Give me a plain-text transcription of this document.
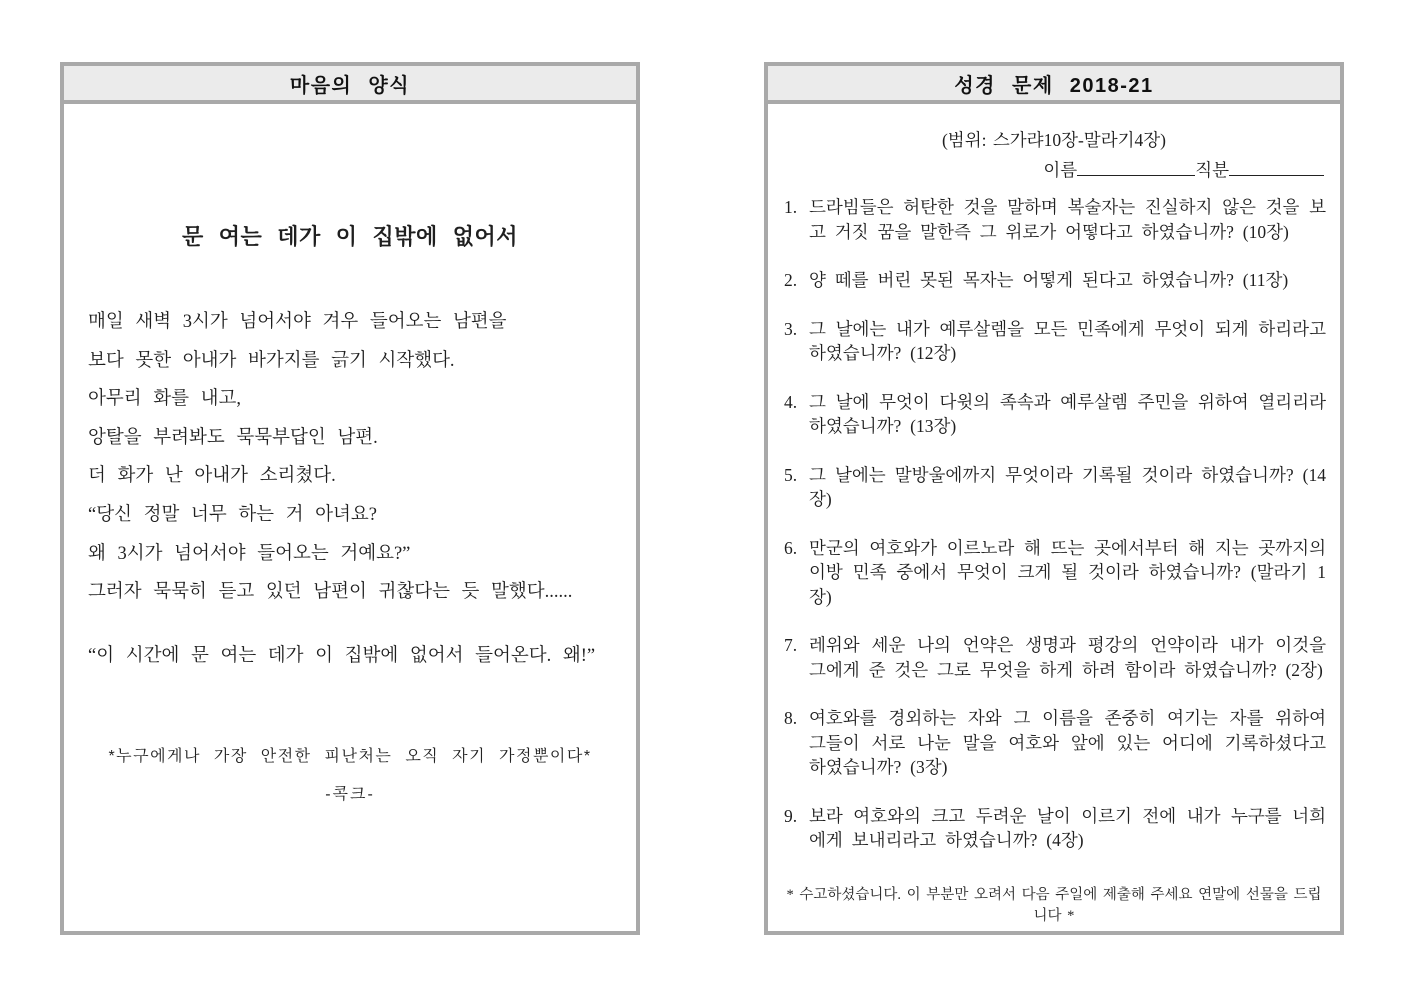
마음의 양식
문 여는 데가 이 집밖에 없어서

매일 새벽 3시가 넘어서야 겨우 들어오는 남편을

보다 못한 아내가 바가지를 긁기 시작했다.

아무리 화를 내고,

앙탈을 부려봐도 묵묵부답인 남편.

더 화가 난 아내가 소리쳤다.

“당신 정말 너무 하는 거 아녀요?

왜 3시가 넘어서야 들어오는 거예요?”

그러자 묵묵히 듣고 있던 남편이 귀찮다는 듯 말했다......

“이 시간에 문 여는 데가 이 집밖에 없어서 들어온다. 왜!”

*누구에게나 가장 안전한 피난처는 오직 자기 가정뿐이다*

-콕크-

성경 문제 2018-21

(범위: 스가랴10장-말라기4장)

이름	직분

1. 드라빔들은 허탄한 것을 말하며 복술자는 진실하지 않은 것을 보고 거짓 꿈을 말한즉 그 위로가 어떻다고 하였습니까? (10장)
2. 양 떼를 버린 못된 목자는 어떻게 된다고 하였습니까? (11장)
3. 그 날에는 내가 예루살렘을 모든 민족에게 무엇이 되게 하리라고 하였습니까? (12장)
4. 그 날에 무엇이 다윗의 족속과 예루살렘 주민을 위하여 열리리라 하였습니까? (13장)
5. 그 날에는 말방울에까지 무엇이라 기록될 것이라 하였습니까? (14장)
6. 만군의 여호와가 이르노라 해 뜨는 곳에서부터 해 지는 곳까지의 이방 민족 중에서 무엇이 크게 될 것이라 하였습니까? (말라기 1장)
7. 레위와 세운 나의 언약은 생명과 평강의 언약이라 내가 이것을 그에게 준 것은 그로 무엇을 하게 하려 함이라 하였습니까? (2장)
8. 여호와를 경외하는 자와 그 이름을 존중히 여기는 자를 위하여 그들이 서로 나눈 말을 여호와 앞에 있는 어디에 기록하셨다고 하였습니까? (3장)
9. 보라 여호와의 크고 두려운 날이 이르기 전에 내가 누구를 너희에게 보내리라고 하였습니까? (4장)

* 수고하셨습니다. 이 부분만 오려서 다음 주일에 제출해 주세요 연말에 선물을 드립니다 *
